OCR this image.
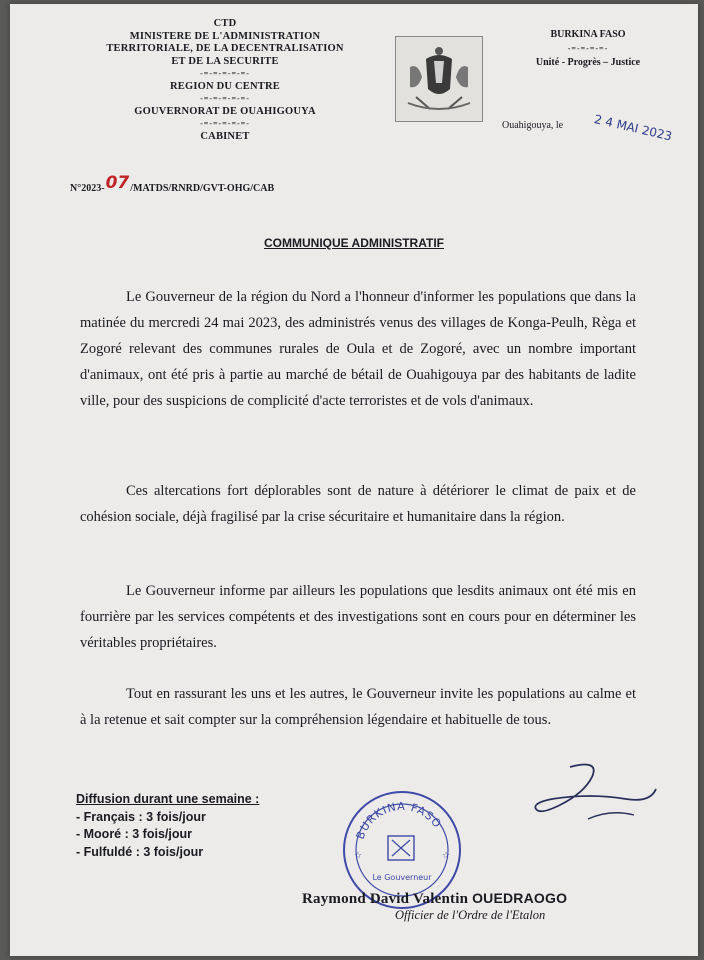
CTD
MINISTERE DE L'ADMINISTRATION
TERRITORIALE, DE LA DECENTRALISATION
ET DE LA SECURITE
-=-=-=-=-=-
REGION DU CENTRE
-=-=-=-=-=-
GOUVERNORAT DE OUAHIGOUYA
-=-=-=-=-=-
CABINET
BURKINA FASO
-=-=-=-=-
Unité - Progrès – Justice
Ouahigouya, le 2 4 MAI 2023
N°2023-07/MATDS/RNRD/GVT-OHG/CAB
COMMUNIQUE ADMINISTRATIF

Le Gouverneur de la région du Nord a l'honneur d'informer les populations que dans la matinée du mercredi 24 mai 2023, des administrés venus des villages de Konga-Peulh, Règa et Zogoré relevant des communes rurales de Oula et de Zogoré, avec un nombre important d'animaux, ont été pris à partie au marché de bétail de Ouahigouya par des habitants de ladite ville, pour des suspicions de complicité d'acte terroristes et de vols d'animaux.

Ces altercations fort déplorables sont de nature à détériorer le climat de paix et de cohésion sociale, déjà fragilisé par la crise sécuritaire et humanitaire dans la région.

Le Gouverneur informe par ailleurs les populations que lesdits animaux ont été mis en fourrière par les services compétents et des investigations sont en cours pour en déterminer les véritables propriétaires.

Tout en rassurant les uns et les autres, le Gouverneur invite les populations au calme et à la retenue et sait compter sur la compréhension légendaire et habituelle de tous.

Diffusion durant une semaine :
- Français : 3 fois/jour
- Mooré : 3 fois/jour
- Fulfuldé : 3 fois/jour
BURKINA FASO
Le Gouverneur
☆	☆
Raymond David Valentin OUEDRAOGO
Officier de l'Ordre de l'Etalon
